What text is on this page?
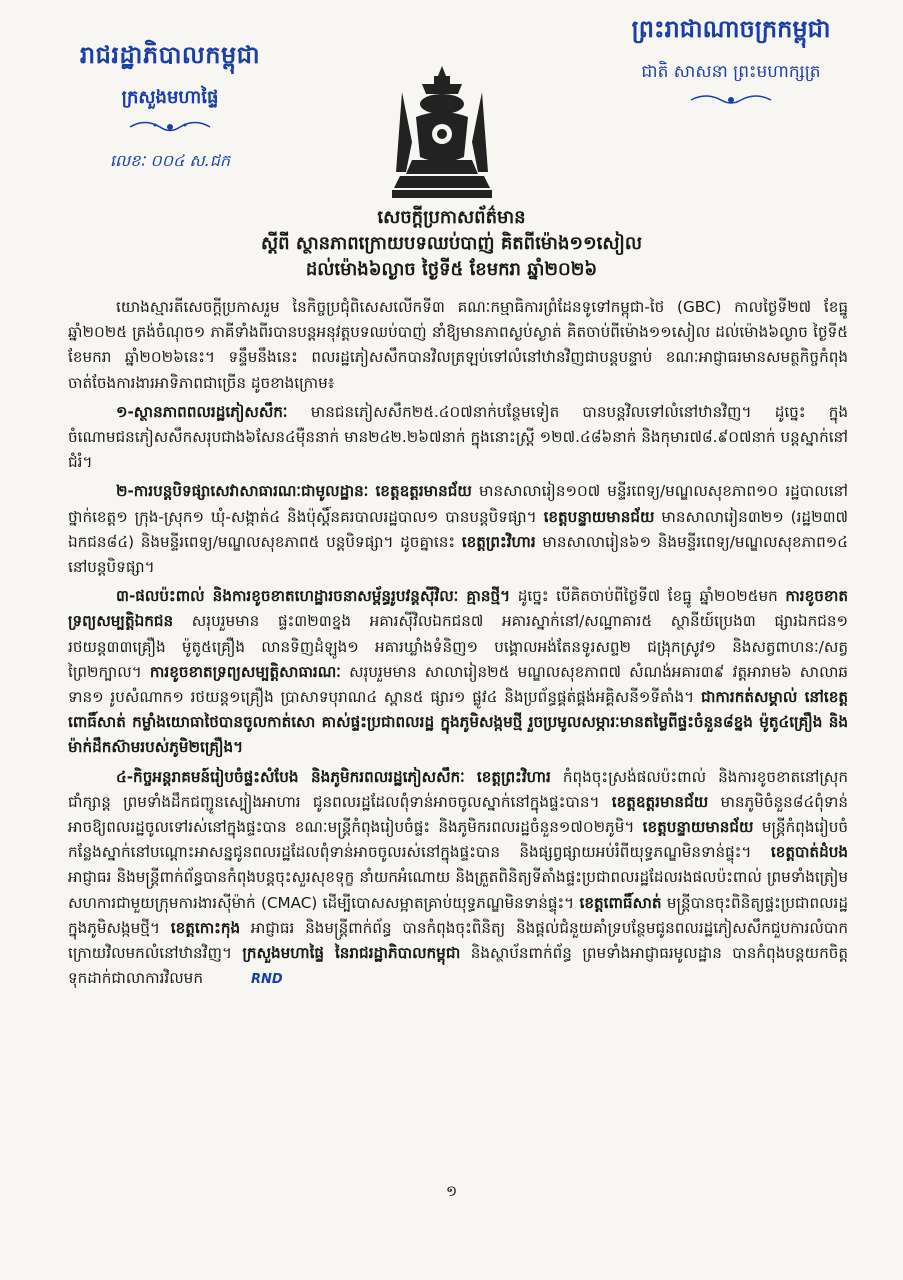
រាជរដ្ឋាភិបាលកម្ពុជា
ក្រសួងមហាផ្ទៃ
លេខៈ ០០៤ ស.ជក
ព្រះរាជាណាចក្រកម្ពុជា
ជាតិ សាសនា ព្រះមហាក្សត្រ
សេចក្តីប្រកាសព័ត៌មាន
ស្តីពី ស្ថានភាពក្រោយបទឈប់បាញ់ គិតពីម៉ោង១១សៀល
ដល់ម៉ោង៦ល្ងាច ថ្ងៃទី៥ ខែមករា ឆ្នាំ២០២៦

យោងស្មារតីសេចក្តីប្រកាសរួម នៃកិច្ចប្រជុំពិសេសលើកទី៣ គណៈកម្មាធិការព្រំដែនទូទៅកម្ពុជា-ថៃ (GBC) កាលថ្ងៃទី២៧ ខែធ្នូ ឆ្នាំ២០២៥ ត្រង់ចំណុច១ ភាគីទាំងពីរបានបន្តអនុវត្តបទឈប់បាញ់ នាំឱ្យមានភាពស្ងប់ស្ងាត់ គិតចាប់ពីម៉ោង១១សៀល ដល់ម៉ោង៦ល្ងាច ថ្ងៃទី៥ ខែមករា ឆ្នាំ២០២៦នេះ។ ទន្ទឹមនឹងនេះ ពលរដ្ឋភៀសសឹកបានវិលត្រឡប់ទៅលំនៅឋានវិញជាបន្តបន្ទាប់ ខណៈអាជ្ញាធរមានសមត្ថកិច្ចកំពុងចាត់ចែងការងារអាទិភាពជាច្រើន ដូចខាងក្រោម៖

១-ស្ថានភាពពលរដ្ឋភៀសសឹកៈ មានជនភៀសសឹក២៥.៤០៧នាក់បន្ថែមទៀត បានបន្តវិលទៅលំនៅឋានវិញ។ ដូច្នេះ ក្នុងចំណោមជនភៀសសឹកសរុបជាង៦សែន៤ម៉ឺននាក់ មាន២៤២.២៦៧នាក់ ក្នុងនោះស្ត្រី ១២៧.៤៨៦នាក់ និងកុមារ៧៨.៩០៧នាក់ បន្តស្នាក់នៅជំរំ។

២-ការបន្តបិទផ្សាសេវាសាធារណៈជាមូលដ្ឋានៈ ខេត្តឧត្តរមានជ័យ មានសាលារៀន១០៧ មន្ទីរពេទ្យ/មណ្ឌលសុខភាព១០ រដ្ឋបាលនៅថ្នាក់ខេត្ត១ ក្រុង-ស្រុក១ ឃុំ-សង្កាត់៤ និងប៉ុស្តិ៍នគរបាលរដ្ឋបាល១ បានបន្តបិទផ្សា។ ខេត្តបន្ទាយមានជ័យ មានសាលារៀន៣២១ (រដ្ឋ២៣៧ ឯកជន៨៤) និងមន្ទីរពេទ្យ/មណ្ឌលសុខភាព៥ បន្តបិទផ្សា។ ដូចគ្នានេះ ខេត្តព្រះវិហារ មានសាលារៀន៦១ និងមន្ទីរពេទ្យ/មណ្ឌលសុខភាព១៤ នៅបន្តបិទផ្សា។

៣-ផលប៉ះពាល់ និងការខូចខាតហេដ្ឋារចនាសម្ព័ន្ធរូបវន្តស៊ីវិលៈ គ្មានថ្មី។ ដូច្នេះ បើគិតចាប់ពីថ្ងៃទី៧ ខែធ្នូ ឆ្នាំ២០២៥មក ការខូចខាតទ្រព្យសម្បត្តិឯកជន សរុបរួមមាន ផ្ទះ៣២៣ខ្នង អគារស៊ីវិលឯកជន៧ អគារស្នាក់នៅ/សណ្ឋាគារ៥ ស្ថានីយ៍ប្រេង៣ ផ្សារឯកជន១ រថយន្ត៣៣គ្រឿង ម៉ូតូ៥គ្រឿង លានទិញដំឡូង១ អគារឃ្លាំងទំនិញ១ បង្គោលអង់តែនទូរសព្ទ២ ជង្រុកស្រូវ១ និងសត្វពាហនៈ/សត្វព្រៃ២ក្បាល។ ការខូចខាតទ្រព្យសម្បត្តិសាធារណៈ សរុបរួមមាន សាលារៀន២៥ មណ្ឌលសុខភាព៧ សំណង់អគារ៣៩ វត្តអារាម៦ សាលាឆទាន១ រូបសំណាក១ រថយន្ត១គ្រឿង ប្រាសាទបុរាណ៤ ស្ពាន៥ ផ្សារ១ ផ្លូវ៤ និងប្រព័ន្ធផ្គត់ផ្គង់អគ្គិសនី១ទីតាំង។ ជាការកត់សម្គាល់ នៅខេត្តពោធិ៍សាត់ កម្លាំងយោធាថៃបានចូលកាត់សោ គាស់ផ្ទះប្រជាពលរដ្ឋ ក្នុងភូមិសង្កមថ្មី រួចប្រមូលសម្ភារៈមានតម្លៃពីផ្ទះចំនួន៨ខ្នង ម៉ូតូ៤គ្រឿង និងម៉ាក់ដឹកស៊ាមរបស់ភូមិ២គ្រឿង។

៤-កិច្ចអន្តរាគមន៍រៀបចំផ្ទះសំបែង និងភូមិករពលរដ្ឋភៀសសឹកៈ ខេត្តព្រះវិហារ កំពុងចុះស្រង់ផលប៉ះពាល់ និងការខូចខាតនៅស្រុកជាំក្សាន្ត ព្រមទាំងដឹកជញ្ជូនស្បៀងអាហារ ជូនពលរដ្ឋដែលពុំទាន់អាចចូលស្នាក់នៅក្នុងផ្ទះបាន។ ខេត្តឧត្តរមានជ័យ មានភូមិចំនួន៨៤ពុំទាន់អាចឱ្យពលរដ្ឋចូលទៅរស់នៅក្នុងផ្ទះបាន ខណៈមន្ត្រីកំពុងរៀបចំផ្ទះ និងភូមិករពលរដ្ឋចំនួន១៧០២ភូមិ។ ខេត្តបន្ទាយមានជ័យ មន្ត្រីកំពុងរៀបចំកន្លែងស្នាក់នៅបណ្តោះអាសន្នជូនពលរដ្ឋដែលពុំទាន់អាចចូលរស់នៅក្នុងផ្ទះបាន និងផ្សព្វផ្សាយអប់រំពីយុទ្ធភណ្ឌមិនទាន់ផ្ទុះ។ ខេត្តបាត់ដំបង អាជ្ញាធរ និងមន្ត្រីពាក់ព័ន្ធបានកំពុងបន្តចុះសួរសុខទុក្ខ នាំយកអំណោយ និងត្រួតពិនិត្យទីតាំងផ្ទះប្រជាពលរដ្ឋដែលរងផលប៉ះពាល់ ព្រមទាំងត្រៀមសហការជាមួយក្រុមការងារស៊ីម៉ាក់ (CMAC) ដើម្បីបោសសម្អាតគ្រាប់យុទ្ធភណ្ឌមិនទាន់ផ្ទុះ។ ខេត្តពោធិ៍សាត់ មន្ត្រីបានចុះពិនិត្យផ្ទះប្រជាពលរដ្ឋក្នុងភូមិសង្កមថ្មី។ ខេត្តកោះកុង អាជ្ញាធរ និងមន្ត្រីពាក់ព័ន្ធ បានកំពុងចុះពិនិត្យ និងផ្តល់ជំនួយគាំទ្របន្ថែមជូនពលរដ្ឋភៀសសឹកជួបការលំបាក ក្រោយវិលមកលំនៅឋានវិញ។ ក្រសួងមហាផ្ទៃ នៃរាជរដ្ឋាភិបាលកម្ពុជា និងស្ថាប័នពាក់ព័ន្ធ ព្រមទាំងអាជ្ញាធរមូលដ្ឋាន បានកំពុងបន្តយកចិត្តទុកដាក់ជាលាការវិលមក	RND

១
